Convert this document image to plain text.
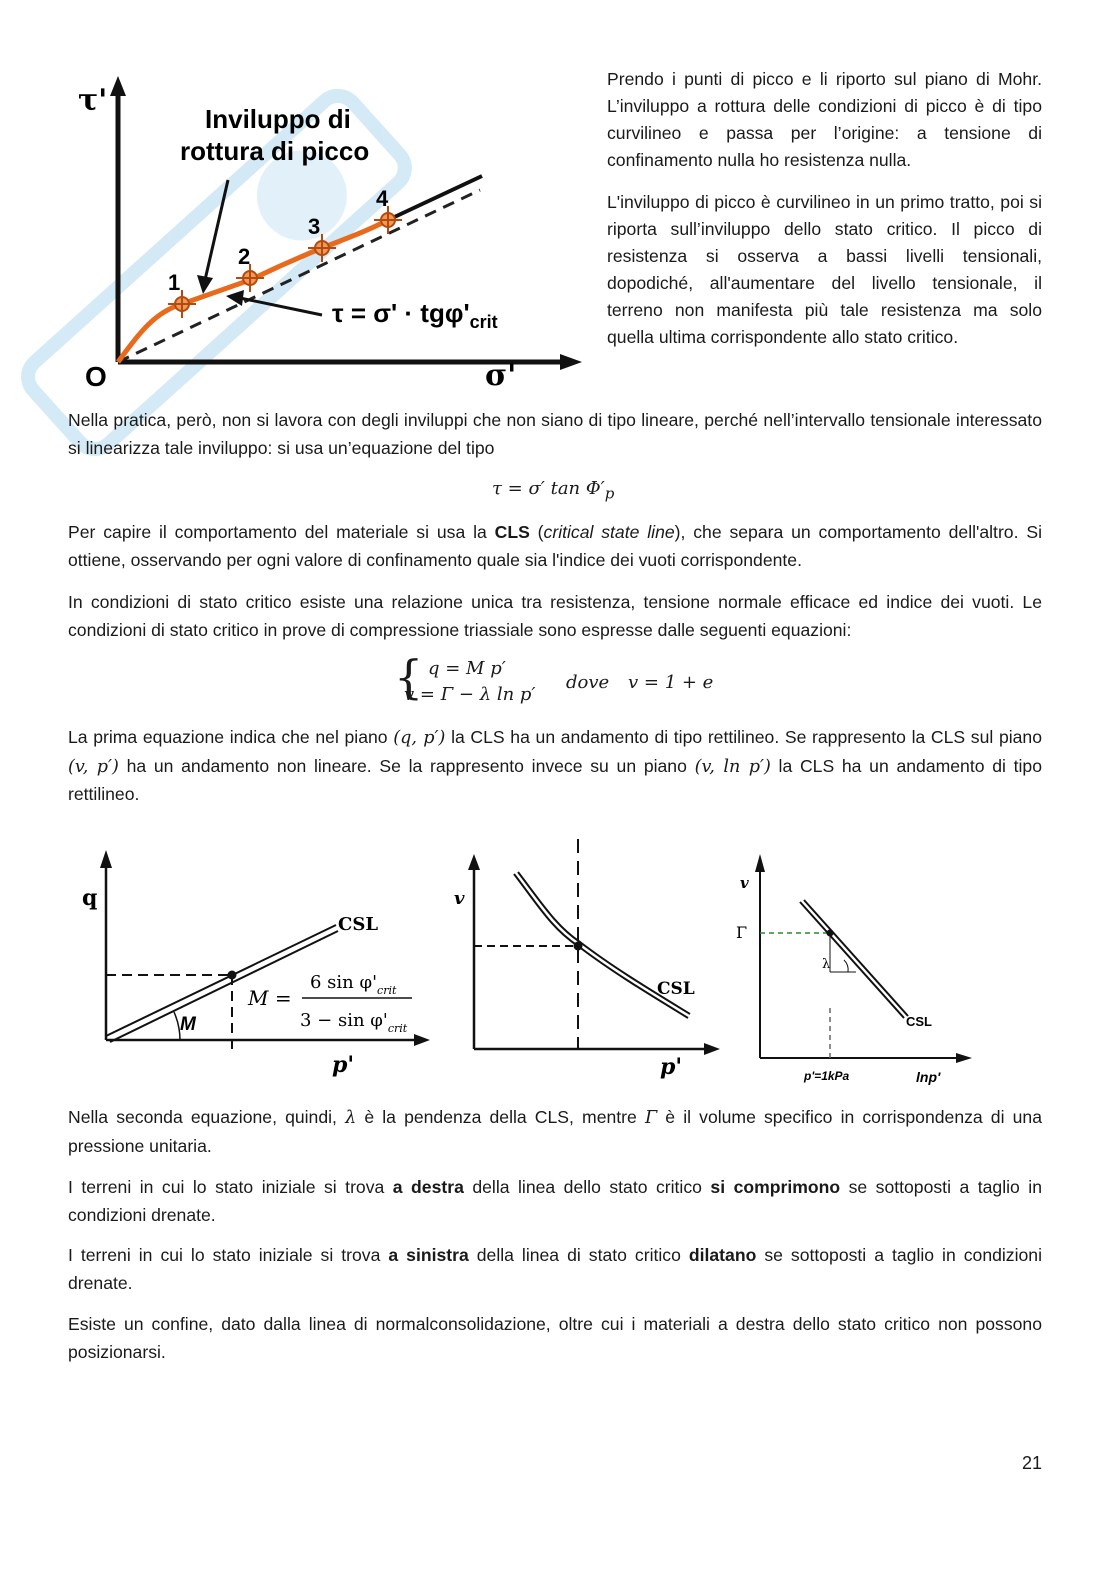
τ'
σ'
O
1
2
3
4
Inviluppo di
rottura di picco
$\tau = \sigma' \cdot tg\varphi'_{crit}$

Prendo i punti di picco e li riporto sul piano di Mohr. L’inviluppo a rottura delle condizioni di picco è di tipo curvilineo e passa per l’origine: a tensione di confinamento nulla ho resistenza nulla.

L'inviluppo di picco è curvilineo in un primo tratto, poi si riporta sull’inviluppo dello stato critico. Il picco di resistenza si osserva a bassi livelli tensionali, dopodiché, all'aumentare del livello tensionale, il terreno non manifesta più tale resistenza ma solo quella ultima corrispondente allo stato critico.

Nella pratica, però, non si lavora con degli inviluppi che non siano di tipo lineare, perché nell’intervallo tensionale interessato si linearizza tale inviluppo: si usa un’equazione del tipo

τ = σ′ $\tan \Phi'_p$

Per capire il comportamento del materiale si usa la CLS (critical state line), che separa un comportamento dell'altro. Si ottiene, osservando per ogni valore di confinamento quale sia l'indice dei vuoti corrispondente.

In condizioni di stato critico esiste una relazione unica tra resistenza, tensione normale efficace ed indice dei vuoti. Le condizioni di stato critico in prove di compressione triassiale sono espresse dalle seguenti equazioni:

{ q = M p′
v = Γ − λ ln p′
dove v = 1 + e

La prima equazione indica che nel piano (q, p′) la CLS ha un andamento di tipo rettilineo. Se rappresento la CLS sul piano (v, p′) ha un andamento non lineare. Se la rappresento invece su un piano (v, ln p′) la CLS ha un andamento di tipo rettilineo.

q
p'
CSL
M
M =
6 $\sin \varphi'_{crit}$
$3 - \sin \varphi'_{crit}$
v
p'
CSL
v
lnp'
Γ
λ
CSL
p'=1kPa

Nella seconda equazione, quindi, λ è la pendenza della CLS, mentre Γ è il volume specifico in corrispondenza di una pressione unitaria.

I terreni in cui lo stato iniziale si trova a destra della linea dello stato critico si comprimono se sottoposti a taglio in condizioni drenate.

I terreni in cui lo stato iniziale si trova a sinistra della linea di stato critico dilatano se sottoposti a taglio in condizioni drenate.

Esiste un confine, dato dalla linea di normalconsolidazione, oltre cui i materiali a destra dello stato critico non possono posizionarsi.

21
